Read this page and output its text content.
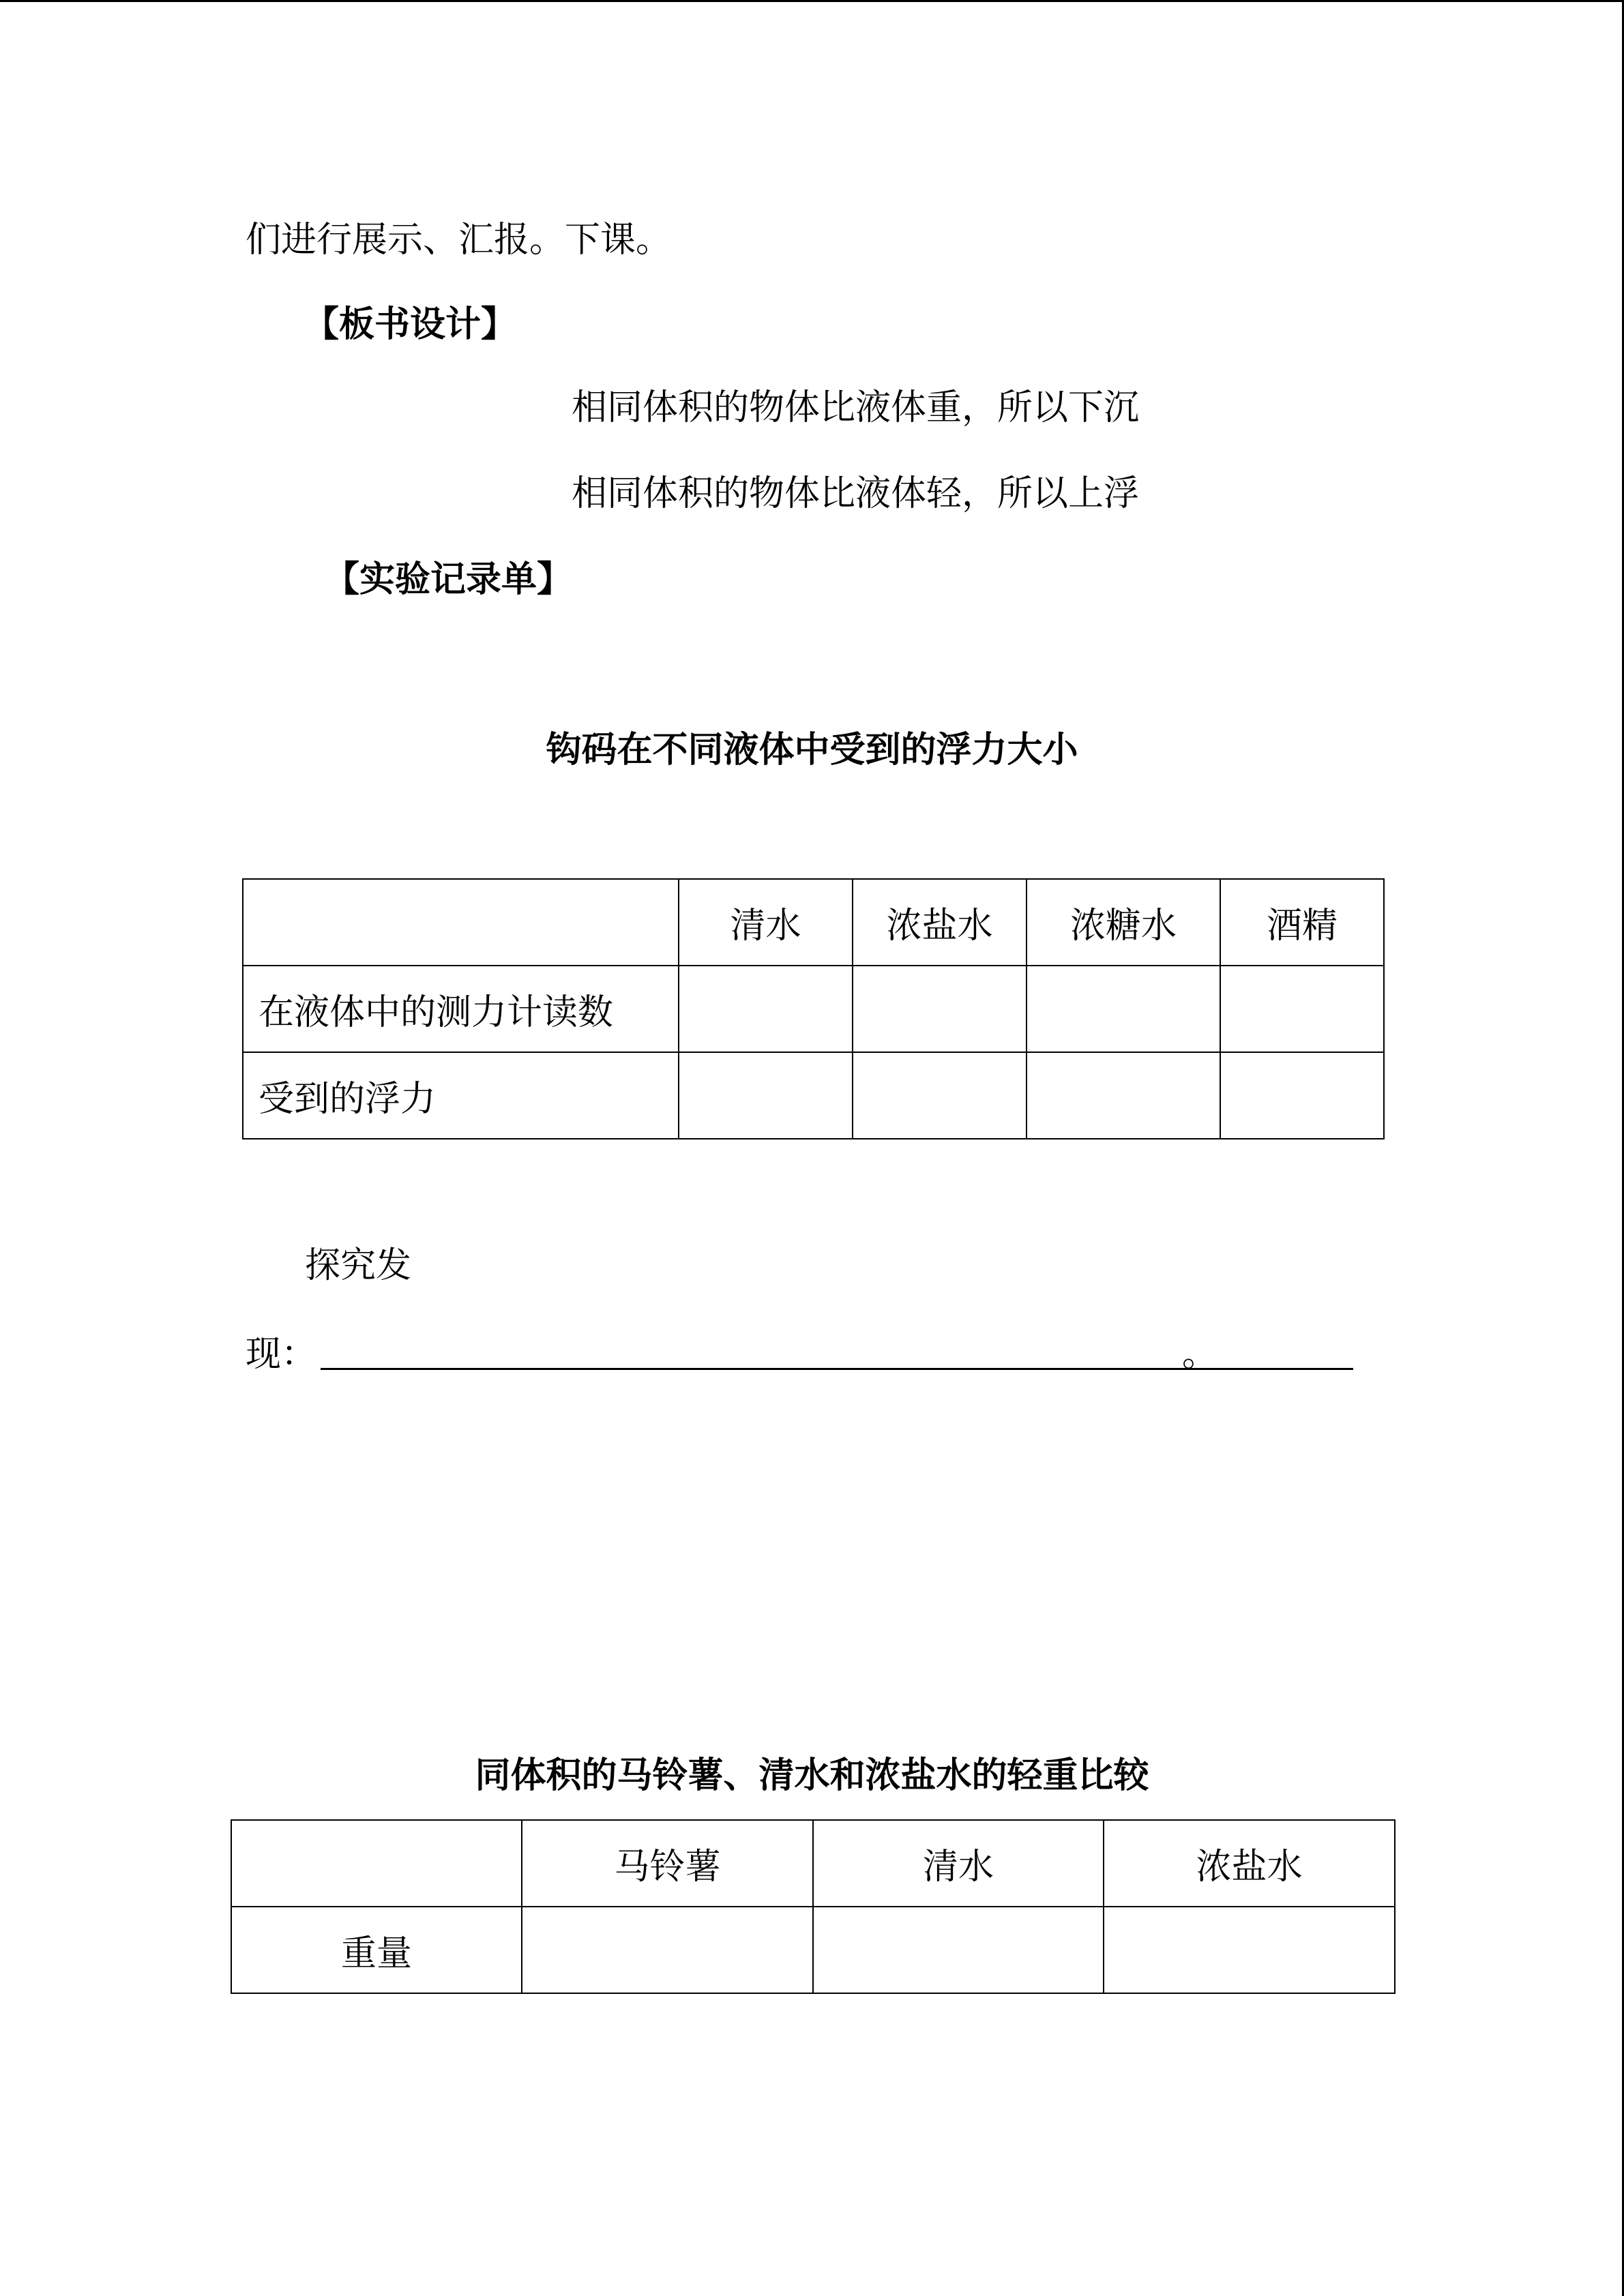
们进行展示、汇报。下课。
【板书设计】
相同体积的物体比液体重，所以下沉
相同体积的物体比液体轻，所以上浮
【实验记录单】
钩码在不同液体中受到的浮力大小
	清水	浓盐水	浓糖水	酒精
在液体中的测力计读数				
受到的浮力				
探究发
现：	。
同体积的马铃薯、清水和浓盐水的轻重比较
	马铃薯	清水	浓盐水
重量			
